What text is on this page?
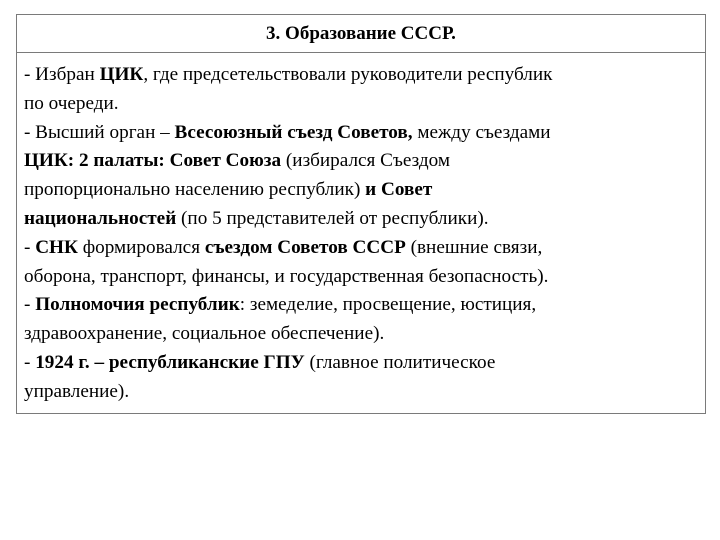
3. Образование СССР.
- Избран ЦИК, где предсетельствовали руководители республик
по очереди.
- Высший орган – Всесоюзный съезд Советов, между съездами
ЦИК: 2 палаты: Совет Союза (избирался Съездом
пропорционально населению республик) и Совет
национальностей (по 5 представителей от республики).
- СНК формировался съездом Советов СССР (внешние связи,
оборона, транспорт, финансы, и государственная безопасность).
- Полномочия республик: земеделие, просвещение, юстиция,
здравоохранение, социальное обеспечение).
- 1924 г. – республиканские ГПУ (главное политическое
управление).
